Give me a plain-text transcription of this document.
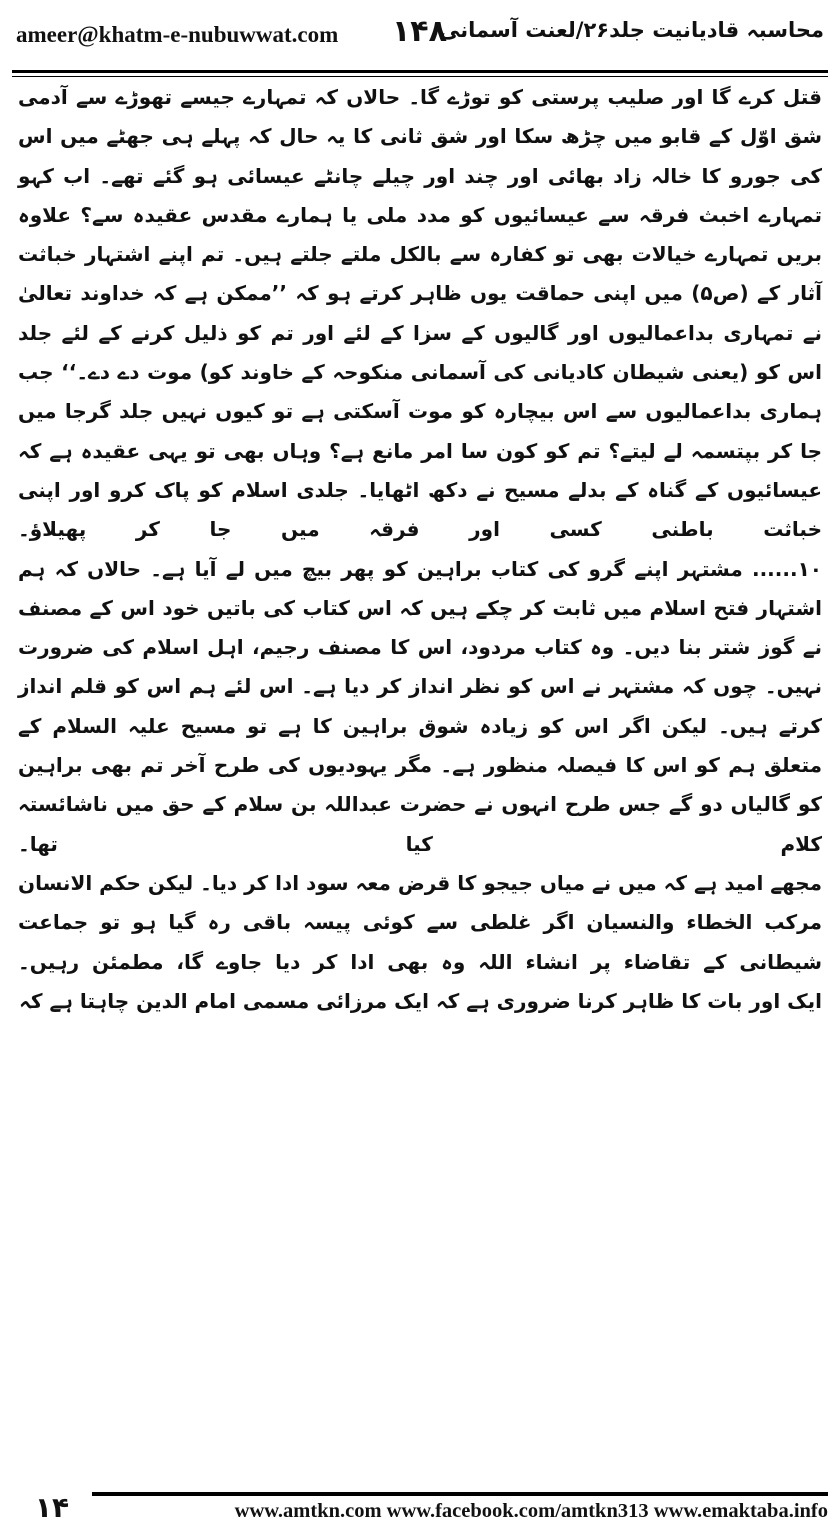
ameer@khatm-e-nubuwwat.com ۱۴۸
محاسبہ قادیانیت جلد۲۶/لعنت آسمانی

قتل کرے گا اور صلیب پرستی کو توڑے گا۔ حالاں کہ تمہارے جیسے تھوڑے سے آدمی شق اوّل کے قابو میں چڑھ سکا اور شق ثانی کا یہ حال کہ پہلے ہی جھٹے میں اس کی جورو کا خالہ زاد بھائی اور چند اور چیلے چانٹے عیسائی ہو گئے تھے۔ اب کہو تمہارے اخبث فرقہ سے عیسائیوں کو مدد ملی یا ہمارے مقدس عقیدہ سے؟ علاوہ بریں تمہارے خیالات بھی تو کفارہ سے بالکل ملتے جلتے ہیں۔ تم اپنے اشتہار خباثت آثار کے (ص۵) میں اپنی حماقت یوں ظاہر کرتے ہو کہ ’’ممکن ہے کہ خداوند تعالیٰ نے تمہاری بداعمالیوں اور گالیوں کے سزا کے لئے اور تم کو ذلیل کرنے کے لئے جلد اس کو (یعنی شیطان کادیانی کی آسمانی منکوحہ کے خاوند کو) موت دے دے۔‘‘ جب ہماری بداعمالیوں سے اس بیچارہ کو موت آسکتی ہے تو کیوں نہیں جلد گرجا میں جا کر بپتسمہ لے لیتے؟ تم کو کون سا امر مانع ہے؟ وہاں بھی تو یہی عقیدہ ہے کہ عیسائیوں کے گناہ کے بدلے مسیح نے دکھ اٹھایا۔ جلدی اسلام کو پاک کرو اور اپنی خباثت باطنی کسی اور فرقہ میں جا کر پھیلاؤ۔

۱۰...... مشتہر اپنے گرو کی کتاب براہین کو پھر بیچ میں لے آیا ہے۔ حالاں کہ ہم اشتہار فتح اسلام میں ثابت کر چکے ہیں کہ اس کتاب کی باتیں خود اس کے مصنف نے گوز شتر بنا دیں۔ وہ کتاب مردود، اس کا مصنف رجیم، اہل اسلام کی ضرورت نہیں۔ چوں کہ مشتہر نے اس کو نظر انداز کر دیا ہے۔ اس لئے ہم اس کو قلم انداز کرتے ہیں۔ لیکن اگر اس کو زیادہ شوق براہین کا ہے تو مسیح علیہ السلام کے متعلق ہم کو اس کا فیصلہ منظور ہے۔ مگر یہودیوں کی طرح آخر تم بھی براہین کو گالیاں دو گے جس طرح انہوں نے حضرت عبداللہ بن سلام کے حق میں ناشائستہ کلام کیا تھا۔

مجھے امید ہے کہ میں نے میاں جیجو کا قرض معہ سود ادا کر دیا۔ لیکن حکم الانسان مرکب الخطاء والنسیان اگر غلطی سے کوئی پیسہ باقی رہ گیا ہو تو جماعت شیطانی کے تقاضاء پر انشاء اللہ وہ بھی ادا کر دیا جاوے گا، مطمئن رہیں۔

ایک اور بات کا ظاہر کرنا ضروری ہے کہ ایک مرزائی مسمی امام الدین چاہتا ہے کہ

۱۴	www.amtkn.com www.facebook.com/amtkn313 www.emaktaba.info
